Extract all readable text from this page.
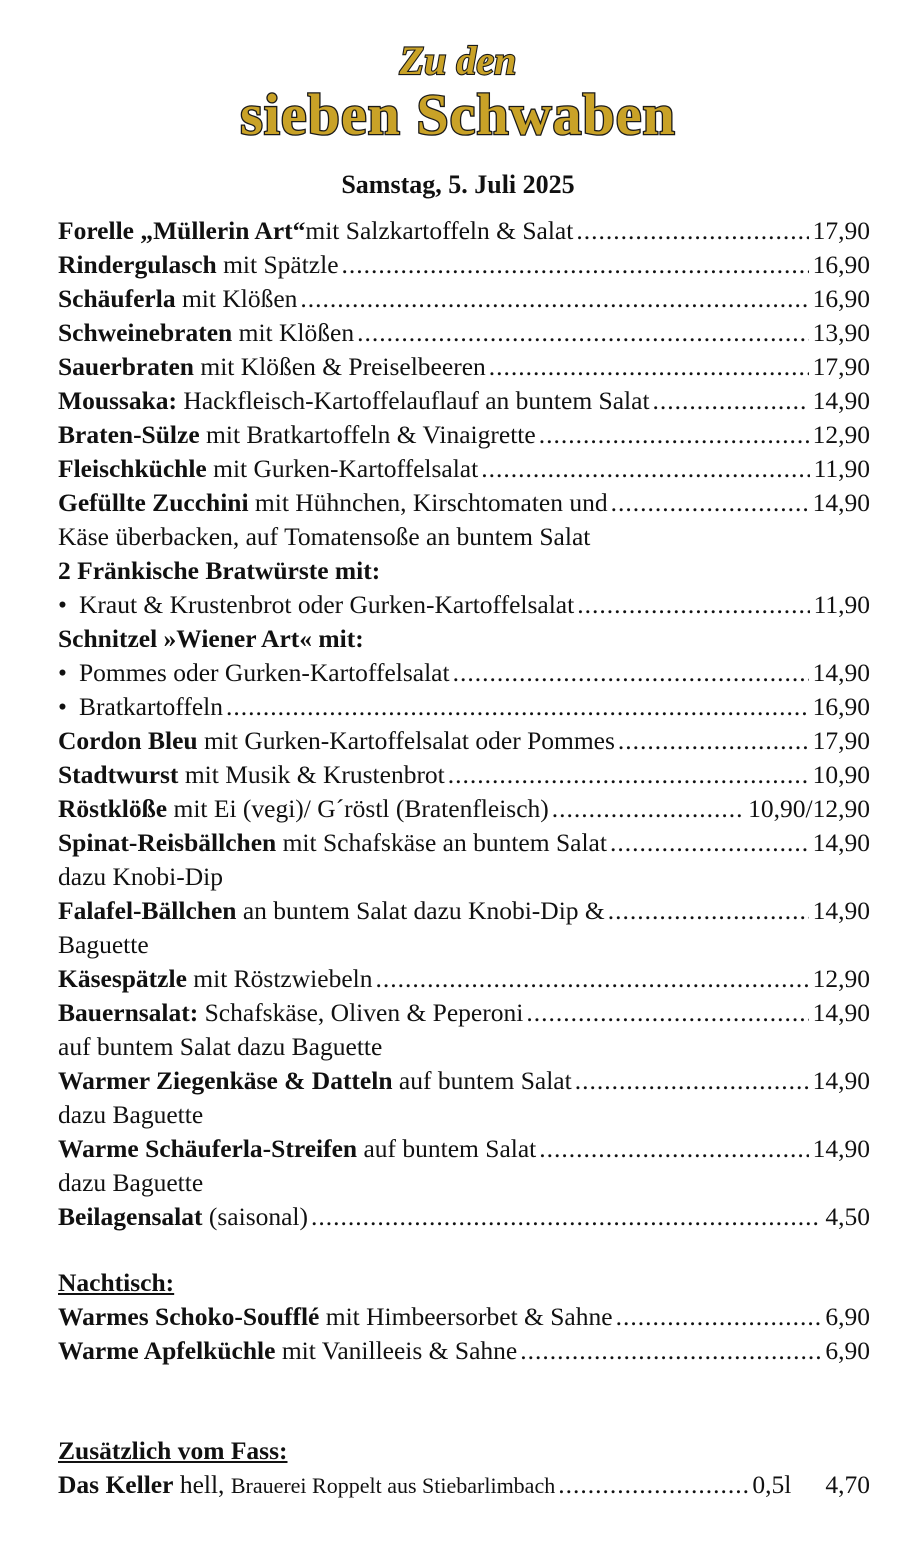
Zu den
sieben Schwaben
Samstag, 5. Juli 2025
Forelle „Müllerin Art“mit Salzkartoffeln & Salat .....	17,90
Rindergulasch mit Spätzle .....	16,90
Schäuferla mit Klößen .....	16,90
Schweinebraten mit Klößen .....	13,90
Sauerbraten mit Klößen & Preiselbeeren .....	17,90
Moussaka: Hackfleisch-Kartoffelauflauf an buntem Salat .....	14,90
Braten-Sülze mit Bratkartoffeln & Vinaigrette .....	12,90
Fleischküchle mit Gurken-Kartoffelsalat .....	11,90
Gefüllte Zucchini mit Hühnchen, Kirschtomaten und .....	14,90
Käse überbacken, auf Tomatensoße an buntem Salat
2 Fränkische Bratwürste mit:
• Kraut & Krustenbrot oder Gurken-Kartoffelsalat .....	11,90
Schnitzel »Wiener Art« mit:
• Pommes oder Gurken-Kartoffelsalat .....	14,90
• Bratkartoffeln .....	16,90
Cordon Bleu mit Gurken-Kartoffelsalat oder Pommes .....	17,90
Stadtwurst mit Musik & Krustenbrot .....	10,90
Röstklöße mit Ei (vegi)/ G´röstl (Bratenfleisch) .....	10,90/12,90
Spinat-Reisbällchen mit Schafskäse an buntem Salat .....	14,90
dazu Knobi-Dip
Falafel-Bällchen an buntem Salat dazu Knobi-Dip & .....	14,90
Baguette
Käsespätzle mit Röstzwiebeln .....	12,90
Bauernsalat: Schafskäse, Oliven & Peperoni .....	14,90
auf buntem Salat dazu Baguette
Warmer Ziegenkäse & Datteln auf buntem Salat .....	14,90
dazu Baguette
Warme Schäuferla-Streifen auf buntem Salat .....	14,90
dazu Baguette
Beilagensalat (saisonal) .....	4,50
Nachtisch:
Warmes Schoko-Soufflé mit Himbeersorbet & Sahne .....	6,90
Warme Apfelküchle mit Vanilleeis & Sahne .....	6,90
Zusätzlich vom Fass:
Das Keller hell, Brauerei Roppelt aus Stiebarlimbach .....	0,5l 4,70
